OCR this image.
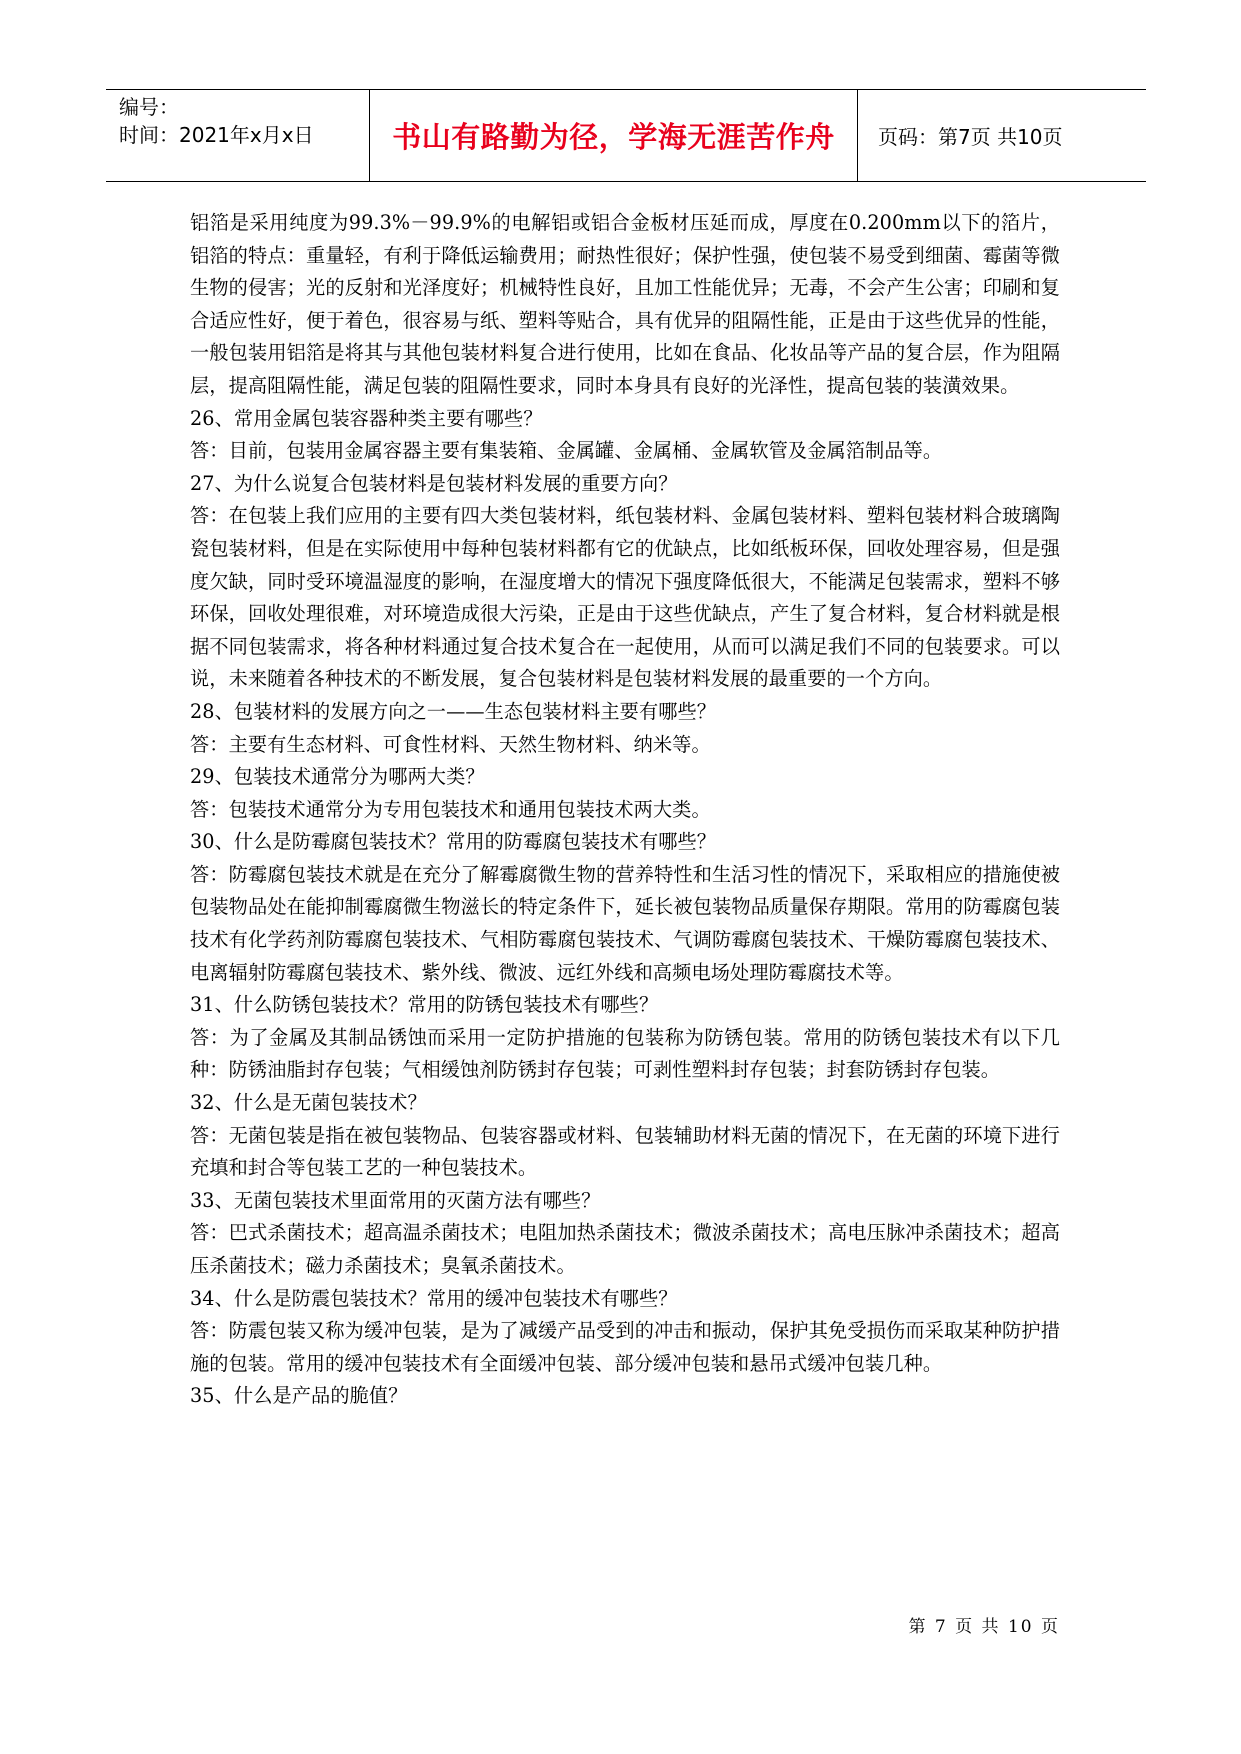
编号：
时间：2021年x月x日	书山有路勤为径，学海无涯苦作舟	页码：第7页 共10页

铝箔是采用纯度为99.3%－99.9%的电解铝或铝合金板材压延而成，厚度在0.200mm以下的箔片，铝箔的特点：重量轻，有利于降低运输费用；耐热性很好；保护性强，使包装不易受到细菌、霉菌等微生物的侵害；光的反射和光泽度好；机械特性良好，且加工性能优异；无毒，不会产生公害；印刷和复合适应性好，便于着色，很容易与纸、塑料等贴合，具有优异的阻隔性能，正是由于这些优异的性能，一般包装用铝箔是将其与其他包装材料复合进行使用，比如在食品、化妆品等产品的复合层，作为阻隔层，提高阻隔性能，满足包装的阻隔性要求，同时本身具有良好的光泽性，提高包装的装潢效果。

26、常用金属包装容器种类主要有哪些？

答：目前，包装用金属容器主要有集装箱、金属罐、金属桶、金属软管及金属箔制品等。

27、为什么说复合包装材料是包装材料发展的重要方向？

答：在包装上我们应用的主要有四大类包装材料，纸包装材料、金属包装材料、塑料包装材料合玻璃陶瓷包装材料，但是在实际使用中每种包装材料都有它的优缺点，比如纸板环保，回收处理容易，但是强度欠缺，同时受环境温湿度的影响，在湿度增大的情况下强度降低很大，不能满足包装需求，塑料不够环保，回收处理很难，对环境造成很大污染，正是由于这些优缺点，产生了复合材料，复合材料就是根据不同包装需求，将各种材料通过复合技术复合在一起使用，从而可以满足我们不同的包装要求。可以说，未来随着各种技术的不断发展，复合包装材料是包装材料发展的最重要的一个方向。

28、包装材料的发展方向之一——生态包装材料主要有哪些？

答：主要有生态材料、可食性材料、天然生物材料、纳米等。

29、包装技术通常分为哪两大类？

答：包装技术通常分为专用包装技术和通用包装技术两大类。

30、什么是防霉腐包装技术？常用的防霉腐包装技术有哪些？

答：防霉腐包装技术就是在充分了解霉腐微生物的营养特性和生活习性的情况下，采取相应的措施使被包装物品处在能抑制霉腐微生物滋长的特定条件下，延长被包装物品质量保存期限。常用的防霉腐包装技术有化学药剂防霉腐包装技术、气相防霉腐包装技术、气调防霉腐包装技术、干燥防霉腐包装技术、电离辐射防霉腐包装技术、紫外线、微波、远红外线和高频电场处理防霉腐技术等。

31、什么防锈包装技术？常用的防锈包装技术有哪些？

答：为了金属及其制品锈蚀而采用一定防护措施的包装称为防锈包装。常用的防锈包装技术有以下几种：防锈油脂封存包装；气相缓蚀剂防锈封存包装；可剥性塑料封存包装；封套防锈封存包装。

32、什么是无菌包装技术？

答：无菌包装是指在被包装物品、包装容器或材料、包装辅助材料无菌的情况下，在无菌的环境下进行充填和封合等包装工艺的一种包装技术。

33、无菌包装技术里面常用的灭菌方法有哪些？

答：巴式杀菌技术；超高温杀菌技术；电阻加热杀菌技术；微波杀菌技术；高电压脉冲杀菌技术；超高压杀菌技术；磁力杀菌技术；臭氧杀菌技术。

34、什么是防震包装技术？常用的缓冲包装技术有哪些？

答：防震包装又称为缓冲包装，是为了减缓产品受到的冲击和振动，保护其免受损伤而采取某种防护措施的包装。常用的缓冲包装技术有全面缓冲包装、部分缓冲包装和悬吊式缓冲包装几种。

35、什么是产品的脆值？

第 7 页 共 10 页
